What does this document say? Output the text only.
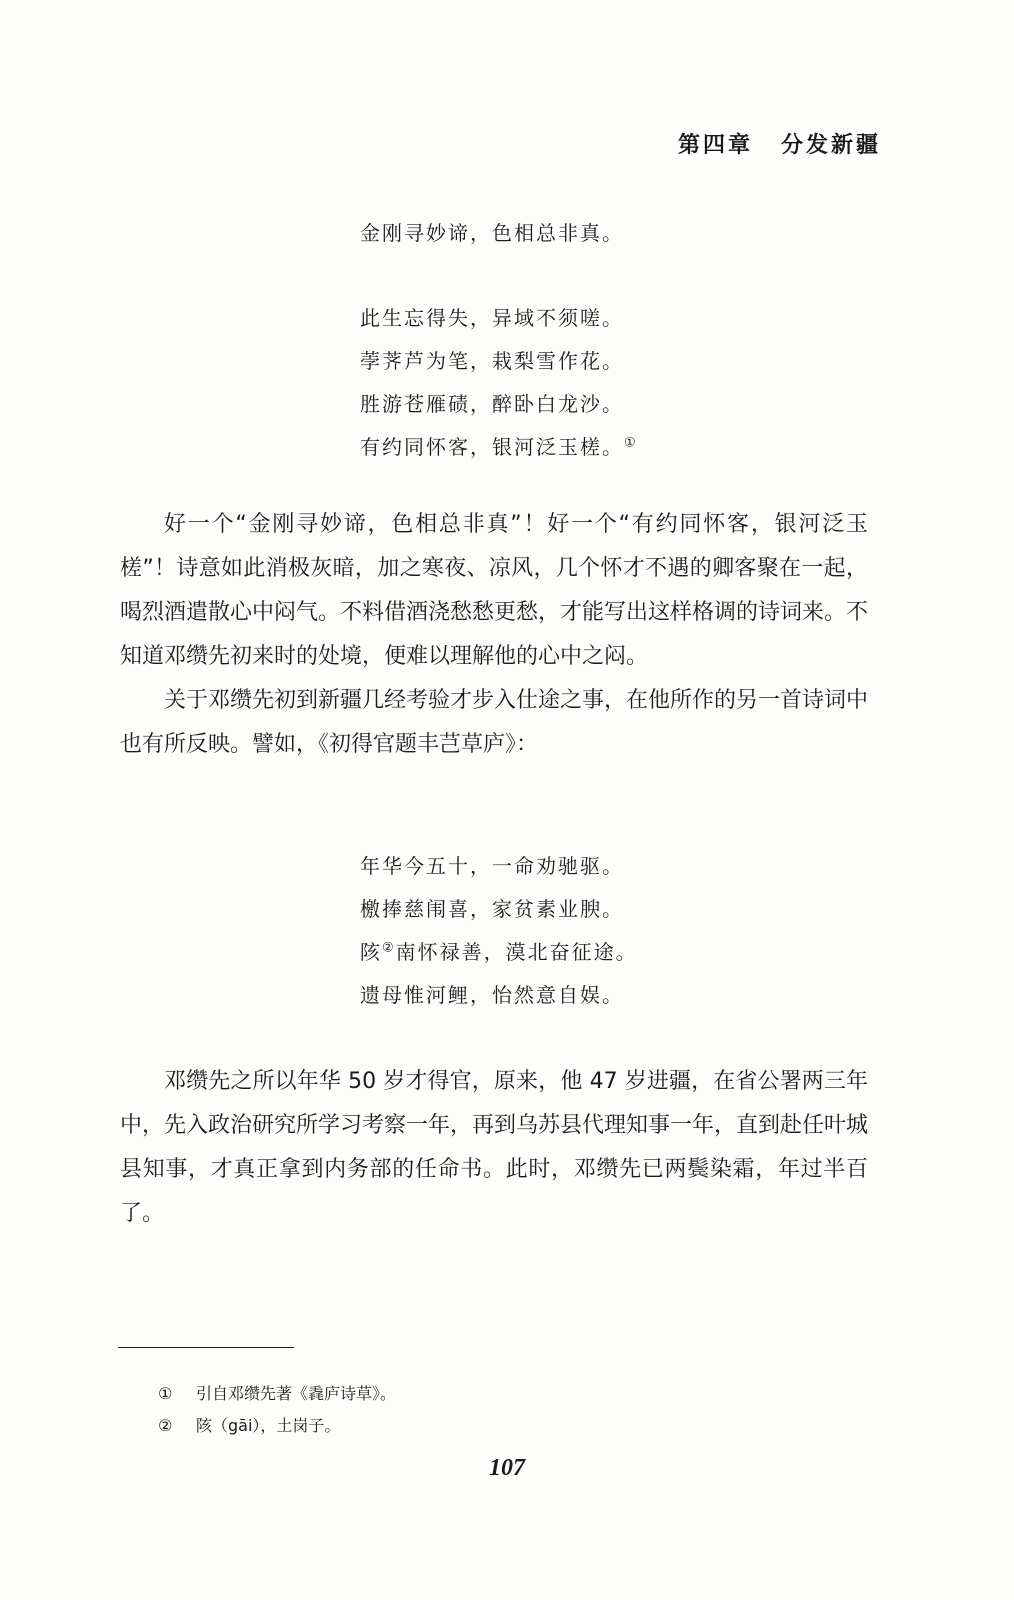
第四章 分发新疆
金刚寻妙谛，色相总非真。
此生忘得失，异域不须嗟。
荸荠芦为笔，栽梨雪作花。
胜游苍雁碛，醉卧白龙沙。
有约同怀客，银河泛玉槎。①

好一个“金刚寻妙谛，色相总非真”！好一个“有约同怀客，银河泛玉槎”！诗意如此消极灰暗，加之寒夜、凉风，几个怀才不遇的卿客聚在一起，喝烈酒遣散心中闷气。不料借酒浇愁愁更愁，才能写出这样格调的诗词来。不知道邓缵先初来时的处境，便难以理解他的心中之闷。

关于邓缵先初到新疆几经考验才步入仕途之事，在他所作的另一首诗词中也有所反映。譬如，《初得官题丰芑草庐》：

年华今五十，一命劝驰驱。
檄捧慈闱喜，家贫素业腴。
陔②南怀禄善，漠北奋征途。
遗母惟河鲤，怡然意自娱。

邓缵先之所以年华 50 岁才得官，原来，他 47 岁进疆，在省公署两三年中，先入政治研究所学习考察一年，再到乌苏县代理知事一年，直到赴任叶城县知事，才真正拿到内务部的任命书。此时，邓缵先已两鬓染霜，年过半百了。

① 引自邓缵先著《毳庐诗草》。
② 陔（gāi），土岗子。
107
